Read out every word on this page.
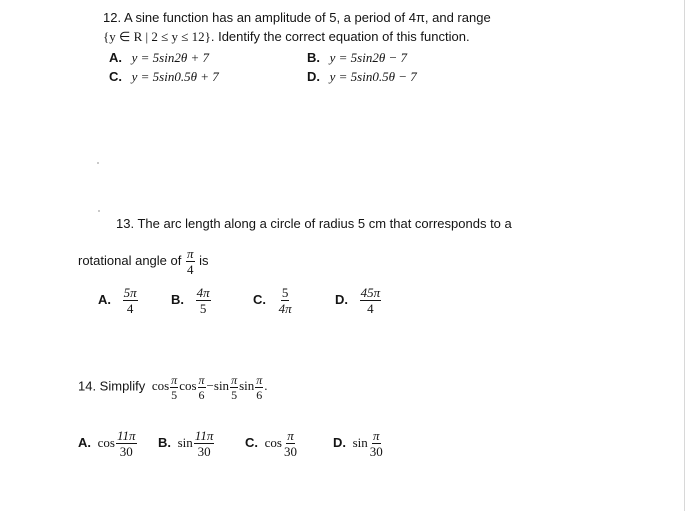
12. A sine function has an amplitude of 5, a period of 4π, and range
{y ∈ R | 2 ≤ y ≤ 12}. Identify the correct equation of this function.
A. y = 5sin2θ + 7	B. y = 5sin2θ − 7
C. y = 5sin0.5θ + 7	D. y = 5sin0.5θ − 7
13. The arc length along a circle of radius 5 cm that corresponds to a
rotational angle of $\frac{\pi}{4}$ is
A. $\frac{5\pi}{4}$	B. $\frac{4\pi}{5}$	C. $\frac{5}{4\pi}$	D. $\frac{45\pi}{4}$
14. Simplify $\cos \frac{\pi}{5}$ $\cos \frac{\pi}{6} -\sin \frac{\pi}{5}$ $\sin \frac{\pi}{6}$ .
A. $\cos \frac{11\pi}{30} B$. $\sin \frac{11\pi}{30} C$. $\cos \frac{\pi}{30}$	D. $\sin \frac{\pi}{30}$
